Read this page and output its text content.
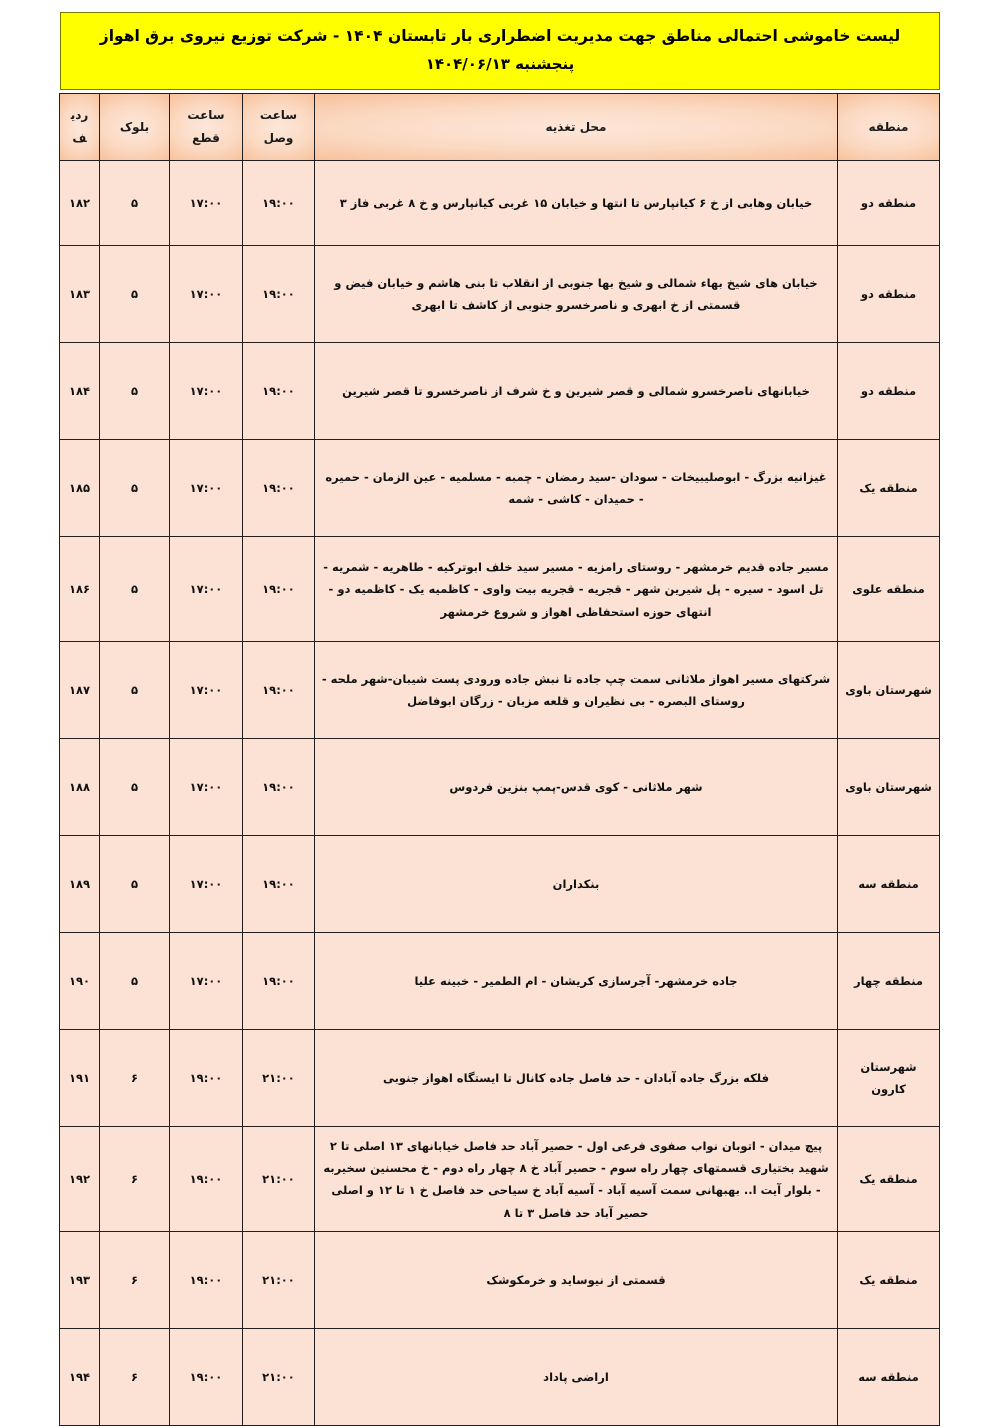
لیست خاموشی احتمالی مناطق جهت مدیریت اضطراری بار تابستان ۱۴۰۴ - شرکت توزیع نیروی برق اهواز
پنجشنبه ۱۴۰۴/۰۶/۱۳
منطقه	محل تغذیه	ساعت وصل	ساعت قطع	بلوک	ردیف
منطقه دو	خیابان وهابی از خ ۶ کیانپارس تا انتها و خیابان ۱۵ غربی کیانپارس و خ ۸ غربی فاز ۳	۱۹:۰۰	۱۷:۰۰	۵	۱۸۲
منطقه دو	خیابان های شیخ بهاء شمالی و شیخ بها جنوبی از انقلاب تا بنی هاشم و خیابان فیض و قسمتی از خ ابهری و ناصرخسرو جنوبی از کاشف تا ابهری	۱۹:۰۰	۱۷:۰۰	۵	۱۸۳
منطقه دو	خیابانهای ناصرخسرو شمالی و قصر شیرین و خ شرف از ناصرخسرو تا قصر شیرین	۱۹:۰۰	۱۷:۰۰	۵	۱۸۴
منطقه یک	غیزانیه بزرگ - ابوصلیبیخات - سودان -سید رمضان - چمبه - مسلمیه - عین الزمان - حمیره - حمیدان - کاشی - شمه	۱۹:۰۰	۱۷:۰۰	۵	۱۸۵
منطقه علوی	مسیر جاده قدیم خرمشهر - روستای رامزیه - مسیر سید خلف ابوترکیه - طاهریه - شمریه - تل اسود - سیره - پل شیرین شهر - قجریه - قجریه بیت واوی - کاظمیه یک - کاظمیه دو - انتهای حوزه استحفاظی اهواز و شروع خرمشهر	۱۹:۰۰	۱۷:۰۰	۵	۱۸۶
شهرستان باوی	شرکتهای مسیر اهواز ملاثانی سمت چپ جاده تا نبش جاده ورودی پست شیبان-شهر ملحه - روستای البصره - بی نظیران و قلعه مزبان - زرگان ابوفاضل	۱۹:۰۰	۱۷:۰۰	۵	۱۸۷
شهرستان باوی	شهر ملاثانی - کوی قدس-پمپ بنزین فردوس	۱۹:۰۰	۱۷:۰۰	۵	۱۸۸
منطقه سه	بنکداران	۱۹:۰۰	۱۷:۰۰	۵	۱۸۹
منطقه چهار	جاده خرمشهر- آجرسازی کریشان - ام الطمیر - خبینه علیا	۱۹:۰۰	۱۷:۰۰	۵	۱۹۰
شهرستان کارون	فلکه بزرگ جاده آبادان - حد فاصل جاده کانال تا ایستگاه اهواز جنوبی	۲۱:۰۰	۱۹:۰۰	۶	۱۹۱
منطقه یک	پیچ میدان - اتوبان نواب صفوی فرعی اول - حصیر آباد حد فاصل خیابانهای ۱۳ اصلی تا ۲ شهید بختیاری قسمتهای چهار راه سوم - حصیر آباد خ ۸ چهار راه دوم - خ محسنین سخیربه - بلوار آیت ا.. بهبهانی سمت آسیه آباد - آسیه آباد خ سیاحی حد فاصل خ ۱ تا ۱۲ و اصلی حصیر آباد حد فاصل ۳ تا ۸	۲۱:۰۰	۱۹:۰۰	۶	۱۹۲
منطقه یک	قسمتی از نیوساید و خرمکوشک	۲۱:۰۰	۱۹:۰۰	۶	۱۹۳
منطقه سه	اراضی پاداد	۲۱:۰۰	۱۹:۰۰	۶	۱۹۴
